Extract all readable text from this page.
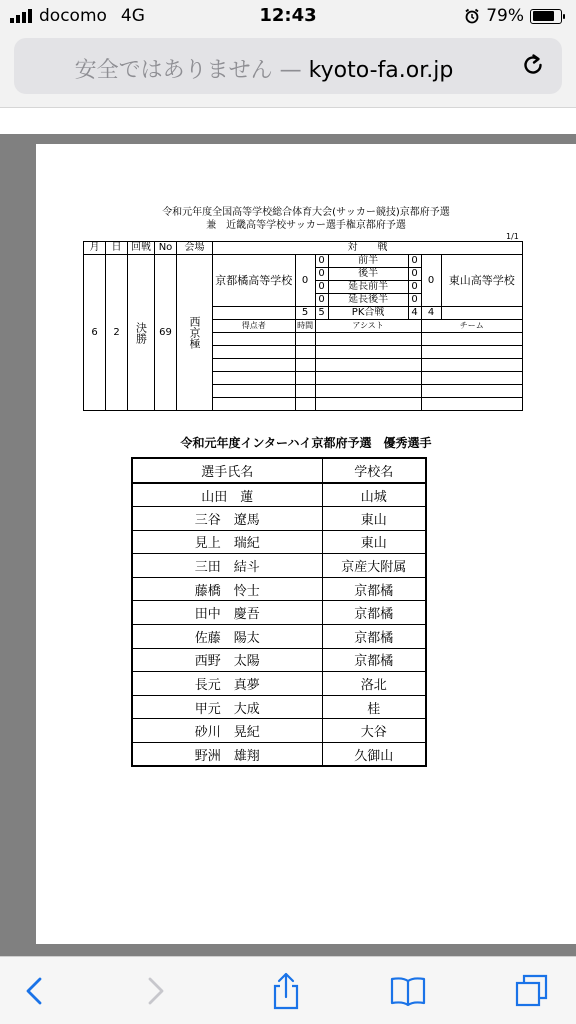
docomo 4G	12:43	79%
安全ではありません — kyoto-fa.or.jp
令和元年度全国高等学校総合体育大会(サッカー競技)京都府予選
兼　近畿高等学校サッカー選手権京都府予選
1/1
月	日	回戦	No	会場	対　　戦						
6	2	決勝	69	西京極	京都橘高等学校	0	0	前半	0	0	東山高等学校
							0	後半	0		
							0	延長前半	0		
							0	延長後半	0		
						5	5	PK合戦	4	4	
					得点者	時間	アシスト			チーム	

令和元年度インターハイ京都府予選　優秀選手
選手氏名	学校名
山田　蓮	山城
三谷　遼馬	東山
見上　瑞紀	東山
三田　結斗	京産大附属
藤橋　怜士	京都橘
田中　慶吾	京都橘
佐藤　陽太	京都橘
西野　太陽	京都橘
長元　真夢	洛北
甲元　大成	桂
砂川　晃紀	大谷
野洲　雄翔	久御山
